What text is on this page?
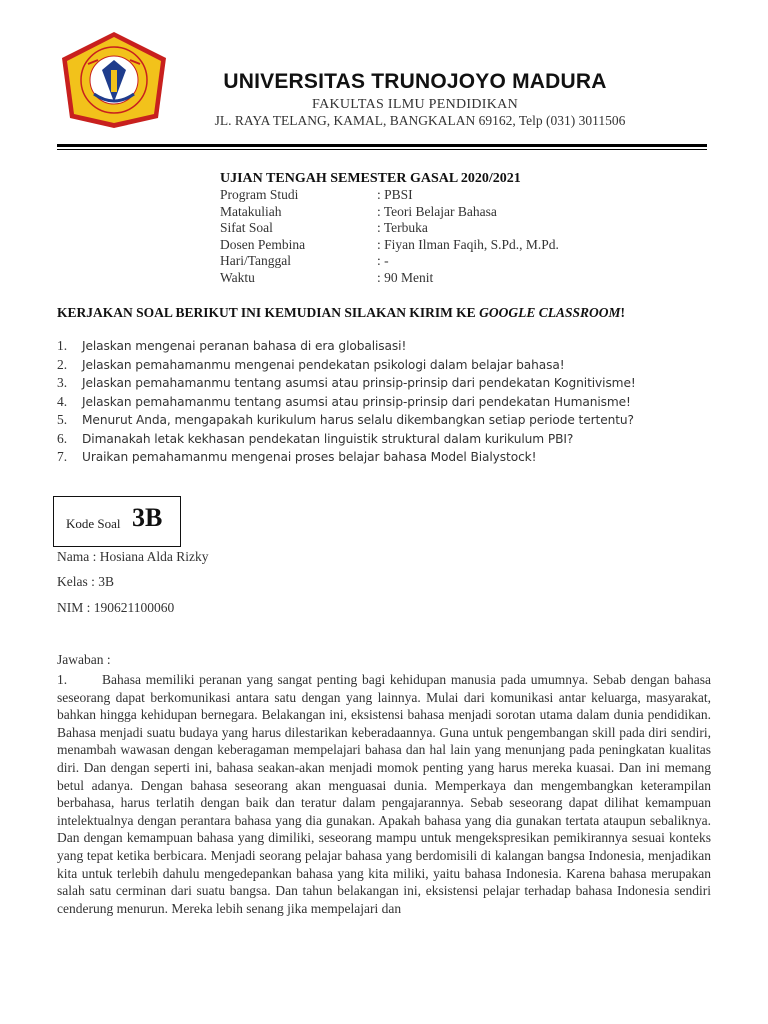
UNIVERSITAS TRUNOJOYO MADURA
FAKULTAS ILMU PENDIDIKAN
JL. RAYA TELANG, KAMAL, BANGKALAN 69162, Telp (031) 3011506
UJIAN TENGAH SEMESTER GASAL 2020/2021
Program Studi	: PBSI
Matakuliah	: Teori Belajar Bahasa
Sifat Soal	: Terbuka
Dosen Pembina	: Fiyan Ilman Faqih, S.Pd., M.Pd.
Hari/Tanggal	: -
Waktu	: 90 Menit
KERJAKAN SOAL BERIKUT INI KEMUDIAN SILAKAN KIRIM KE GOOGLE CLASSROOM!
1. Jelaskan mengenai peranan bahasa di era globalisasi!
2. Jelaskan pemahamanmu mengenai pendekatan psikologi dalam belajar bahasa!
3. Jelaskan pemahamanmu tentang asumsi atau prinsip-prinsip dari pendekatan Kognitivisme!
4. Jelaskan pemahamanmu tentang asumsi atau prinsip-prinsip dari pendekatan Humanisme!
5. Menurut Anda, mengapakah kurikulum harus selalu dikembangkan setiap periode tertentu?
6. Dimanakah letak kekhasan pendekatan linguistik struktural dalam kurikulum PBI?
7. Uraikan pemahamanmu mengenai proses belajar bahasa Model Bialystock!
Kode Soal 3B
Nama : Hosiana Alda Rizky
Kelas : 3B
NIM : 190621100060
Jawaban :
1.	Bahasa memiliki peranan yang sangat penting bagi kehidupan manusia pada umumnya. Sebab dengan bahasa seseorang dapat berkomunikasi antara satu dengan yang lainnya. Mulai dari komunikasi antar keluarga, masyarakat, bahkan hingga kehidupan bernegara. Belakangan ini, eksistensi bahasa menjadi sorotan utama dalam dunia pendidikan. Bahasa menjadi suatu budaya yang harus dilestarikan keberadaannya. Guna untuk pengembangan skill pada diri sendiri, menambah wawasan dengan keberagaman mempelajari bahasa dan hal lain yang menunjang pada peningkatan kualitas diri. Dan dengan seperti ini, bahasa seakan-akan menjadi momok penting yang harus mereka kuasai. Dan ini memang betul adanya. Dengan bahasa seseorang akan menguasai dunia. Memperkaya dan mengembangkan keterampilan berbahasa, harus terlatih dengan baik dan teratur dalam pengajarannya. Sebab seseorang dapat dilihat kemampuan intelektualnya dengan perantara bahasa yang dia gunakan. Apakah bahasa yang dia gunakan tertata ataupun sebaliknya. Dan dengan kemampuan bahasa yang dimiliki, seseorang mampu untuk mengekspresikan pemikirannya sesuai konteks yang tepat ketika berbicara. Menjadi seorang pelajar bahasa yang berdomisili di kalangan bangsa Indonesia, menjadikan kita untuk terlebih dahulu mengedepankan bahasa yang kita miliki, yaitu bahasa Indonesia. Karena bahasa merupakan salah satu cerminan dari suatu bangsa. Dan tahun belakangan ini, eksistensi pelajar terhadap bahasa Indonesia sendiri cenderung menurun. Mereka lebih senang jika mempelajari dan
